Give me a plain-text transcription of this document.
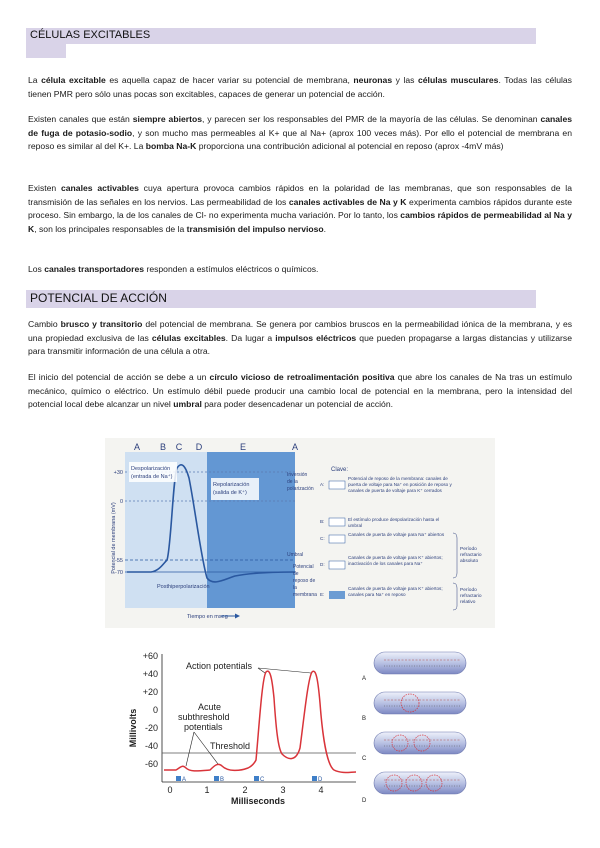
CÉLULAS EXCITABLES

La célula excitable es aquella capaz de hacer variar su potencial de membrana, neuronas y las células musculares. Todas las células tienen PMR pero sólo unas pocas son excitables, capaces de generar un potencial de acción.

Existen canales que están siempre abiertos, y parecen ser los responsables del PMR de la mayoría de las células. Se denominan canales de fuga de potasio-sodio, y son mucho mas permeables al K+ que al Na+ (aprox 100 veces más). Por ello el potencial de membrana en reposo es similar al del K+. La bomba Na-K proporciona una contribución adicional al potencial en reposo (aprox -4mV más)

Existen canales activables cuya apertura provoca cambios rápidos en la polaridad de las membranas, que son responsables de la transmisión de las señales en los nervios. Las permeabilidad de los canales activables de Na y K experimenta cambios rápidos durante este proceso. Sin embargo, la de los canales de Cl- no experimenta mucha variación. Por lo tanto, los cambios rápidos de permeabilidad al Na y K, son los principales responsables de la transmisión del impulso nervioso.

Los canales transportadores responden a estímulos eléctricos o químicos.

POTENCIAL DE ACCIÓN

Cambio brusco y transitorio del potencial de membrana. Se genera por cambios bruscos en la permeabilidad iónica de la membrana, y es una propiedad exclusiva de las células excitables. Da lugar a impulsos eléctricos que pueden propagarse a largas distancias y utilizarse para transmitir información de una célula a otra.

El inicio del potencial de acción se debe a un círculo vicioso de retroalimentación positiva que abre los canales de Na tras un estímulo mecánico, químico o eléctrico. Un estímulo débil puede producir una cambio local de potencial en la membrana, pero la intensidad del potencial local debe alcanzar un nivel umbral para poder desencadenar un potencial de acción.

A B C D	E	A
+30
0
-55
-70
Potencial de membrana (mV)
Despolarización
(entrada de Na⁺)
Repolarización
(salida de K⁺)
Posthiperpolarización
Tiempo en mseg
Inversión
de la
polarización
Umbral
Potencial
de
reposo de
la
membrana
Clave:
A:
Potencial de reposo de la membrana: canales de puerta de voltaje para Na⁺ en posición de reposo y canales de puerta de voltaje para K⁺ cerrados
B:	El estímulo produce despolarización hasta el umbral
C:
Canales de puerta de voltaje para Na⁺ abiertos
D:
Canales de puerta de voltaje para K⁺ abiertos; inactivación de los canales para Na⁺
E:
Canales de puerta de voltaje para K⁺ abiertos; canales para Na⁺ en reposo
Período
refractario
absoluto
Período
refractario
relativo
+60
+40
+20
0
-20
-40
-60
Millivolts
0	1	2	3	4
Milliseconds
A	B	C	D
Action potentials
Acute
subthreshold
potentials
Threshold
A
B
C
D
